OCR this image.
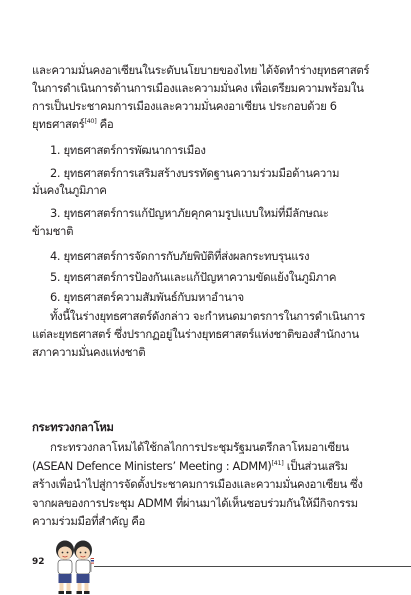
และความมั่นคงอาเซียนในระดับนโยบายของไทย ได้จัดทำร่างยุทธศาสตร์
ในการดำเนินการด้านการเมืองและความมั่นคง เพื่อเตรียมความพร้อมใน
การเป็นประชาคมการเมืองและความมั่นคงอาเซียน ประกอบด้วย 6
ยุทธศาสตร์[40] คือ
1. ยุทธศาสตร์การพัฒนาการเมือง
2. ยุทธศาสตร์การเสริมสร้างบรรทัดฐานความร่วมมือด้านความ
มั่นคงในภูมิภาค
3. ยุทธศาสตร์การแก้ปัญหาภัยคุกคามรูปแบบใหม่ที่มีลักษณะ
ข้ามชาติ
4. ยุทธศาสตร์การจัดการกับภัยพิบัติที่ส่งผลกระทบรุนแรง
5. ยุทธศาสตร์การป้องกันและแก้ปัญหาความขัดแย้งในภูมิภาค
6. ยุทธศาสตร์ความสัมพันธ์กับมหาอำนาจ
ทั้งนี้ในร่างยุทธศาสตร์ดังกล่าว จะกำหนดมาตรการในการดำเนินการ
แต่ละยุทธศาสตร์ ซึ่งปรากฏอยู่ในร่างยุทธศาสตร์แห่งชาติของสำนักงาน
สภาความมั่นคงแห่งชาติ
กระทรวงกลาโหม
กระทรวงกลาโหมได้ใช้กลไกการประชุมรัฐมนตรีกลาโหมอาเซียน
(ASEAN Defence Ministers’ Meeting : ADMM)[41] เป็นส่วนเสริม
สร้างเพื่อนำไปสู่การจัดตั้งประชาคมการเมืองและความมั่นคงอาเซียน ซึ่ง
จากผลของการประชุม ADMM ที่ผ่านมาได้เห็นชอบร่วมกันให้มีกิจกรรม
ความร่วมมือที่สำคัญ คือ
92
